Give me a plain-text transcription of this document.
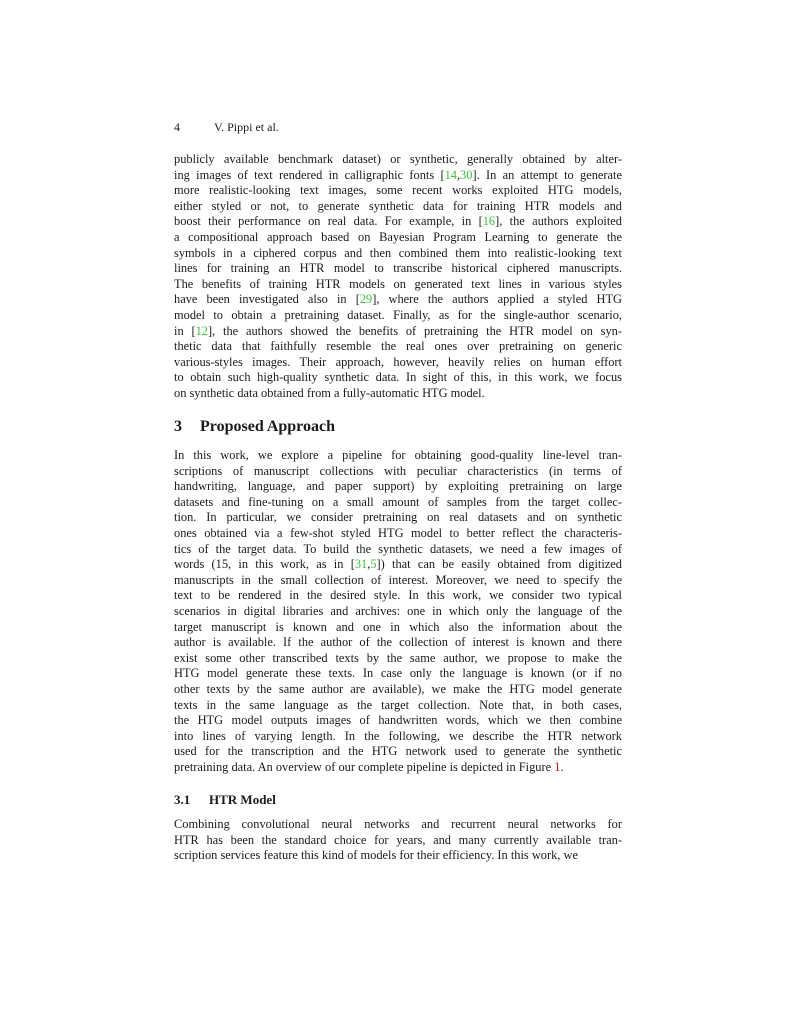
4	V. Pippi et al.
publicly available benchmark dataset) or synthetic, generally obtained by alter-
ing images of text rendered in calligraphic fonts [14,30]. In an attempt to generate
more realistic-looking text images, some recent works exploited HTG models,
either styled or not, to generate synthetic data for training HTR models and
boost their performance on real data. For example, in [16], the authors exploited
a compositional approach based on Bayesian Program Learning to generate the
symbols in a ciphered corpus and then combined them into realistic-looking text
lines for training an HTR model to transcribe historical ciphered manuscripts.
The benefits of training HTR models on generated text lines in various styles
have been investigated also in [29], where the authors applied a styled HTG
model to obtain a pretraining dataset. Finally, as for the single-author scenario,
in [12], the authors showed the benefits of pretraining the HTR model on syn-
thetic data that faithfully resemble the real ones over pretraining on generic
various-styles images. Their approach, however, heavily relies on human effort
to obtain such high-quality synthetic data. In sight of this, in this work, we focus
on synthetic data obtained from a fully-automatic HTG model.
3 Proposed Approach
In this work, we explore a pipeline for obtaining good-quality line-level tran-
scriptions of manuscript collections with peculiar characteristics (in terms of
handwriting, language, and paper support) by exploiting pretraining on large
datasets and fine-tuning on a small amount of samples from the target collec-
tion. In particular, we consider pretraining on real datasets and on synthetic
ones obtained via a few-shot styled HTG model to better reflect the characteris-
tics of the target data. To build the synthetic datasets, we need a few images of
words (15, in this work, as in [31,5]) that can be easily obtained from digitized
manuscripts in the small collection of interest. Moreover, we need to specify the
text to be rendered in the desired style. In this work, we consider two typical
scenarios in digital libraries and archives: one in which only the language of the
target manuscript is known and one in which also the information about the
author is available. If the author of the collection of interest is known and there
exist some other transcribed texts by the same author, we propose to make the
HTG model generate these texts. In case only the language is known (or if no
other texts by the same author are available), we make the HTG model generate
texts in the same language as the target collection. Note that, in both cases,
the HTG model outputs images of handwritten words, which we then combine
into lines of varying length. In the following, we describe the HTR network
used for the transcription and the HTG network used to generate the synthetic
pretraining data. An overview of our complete pipeline is depicted in Figure 1.
3.1 HTR Model
Combining convolutional neural networks and recurrent neural networks for
HTR has been the standard choice for years, and many currently available tran-
scription services feature this kind of models for their efficiency. In this work, we
